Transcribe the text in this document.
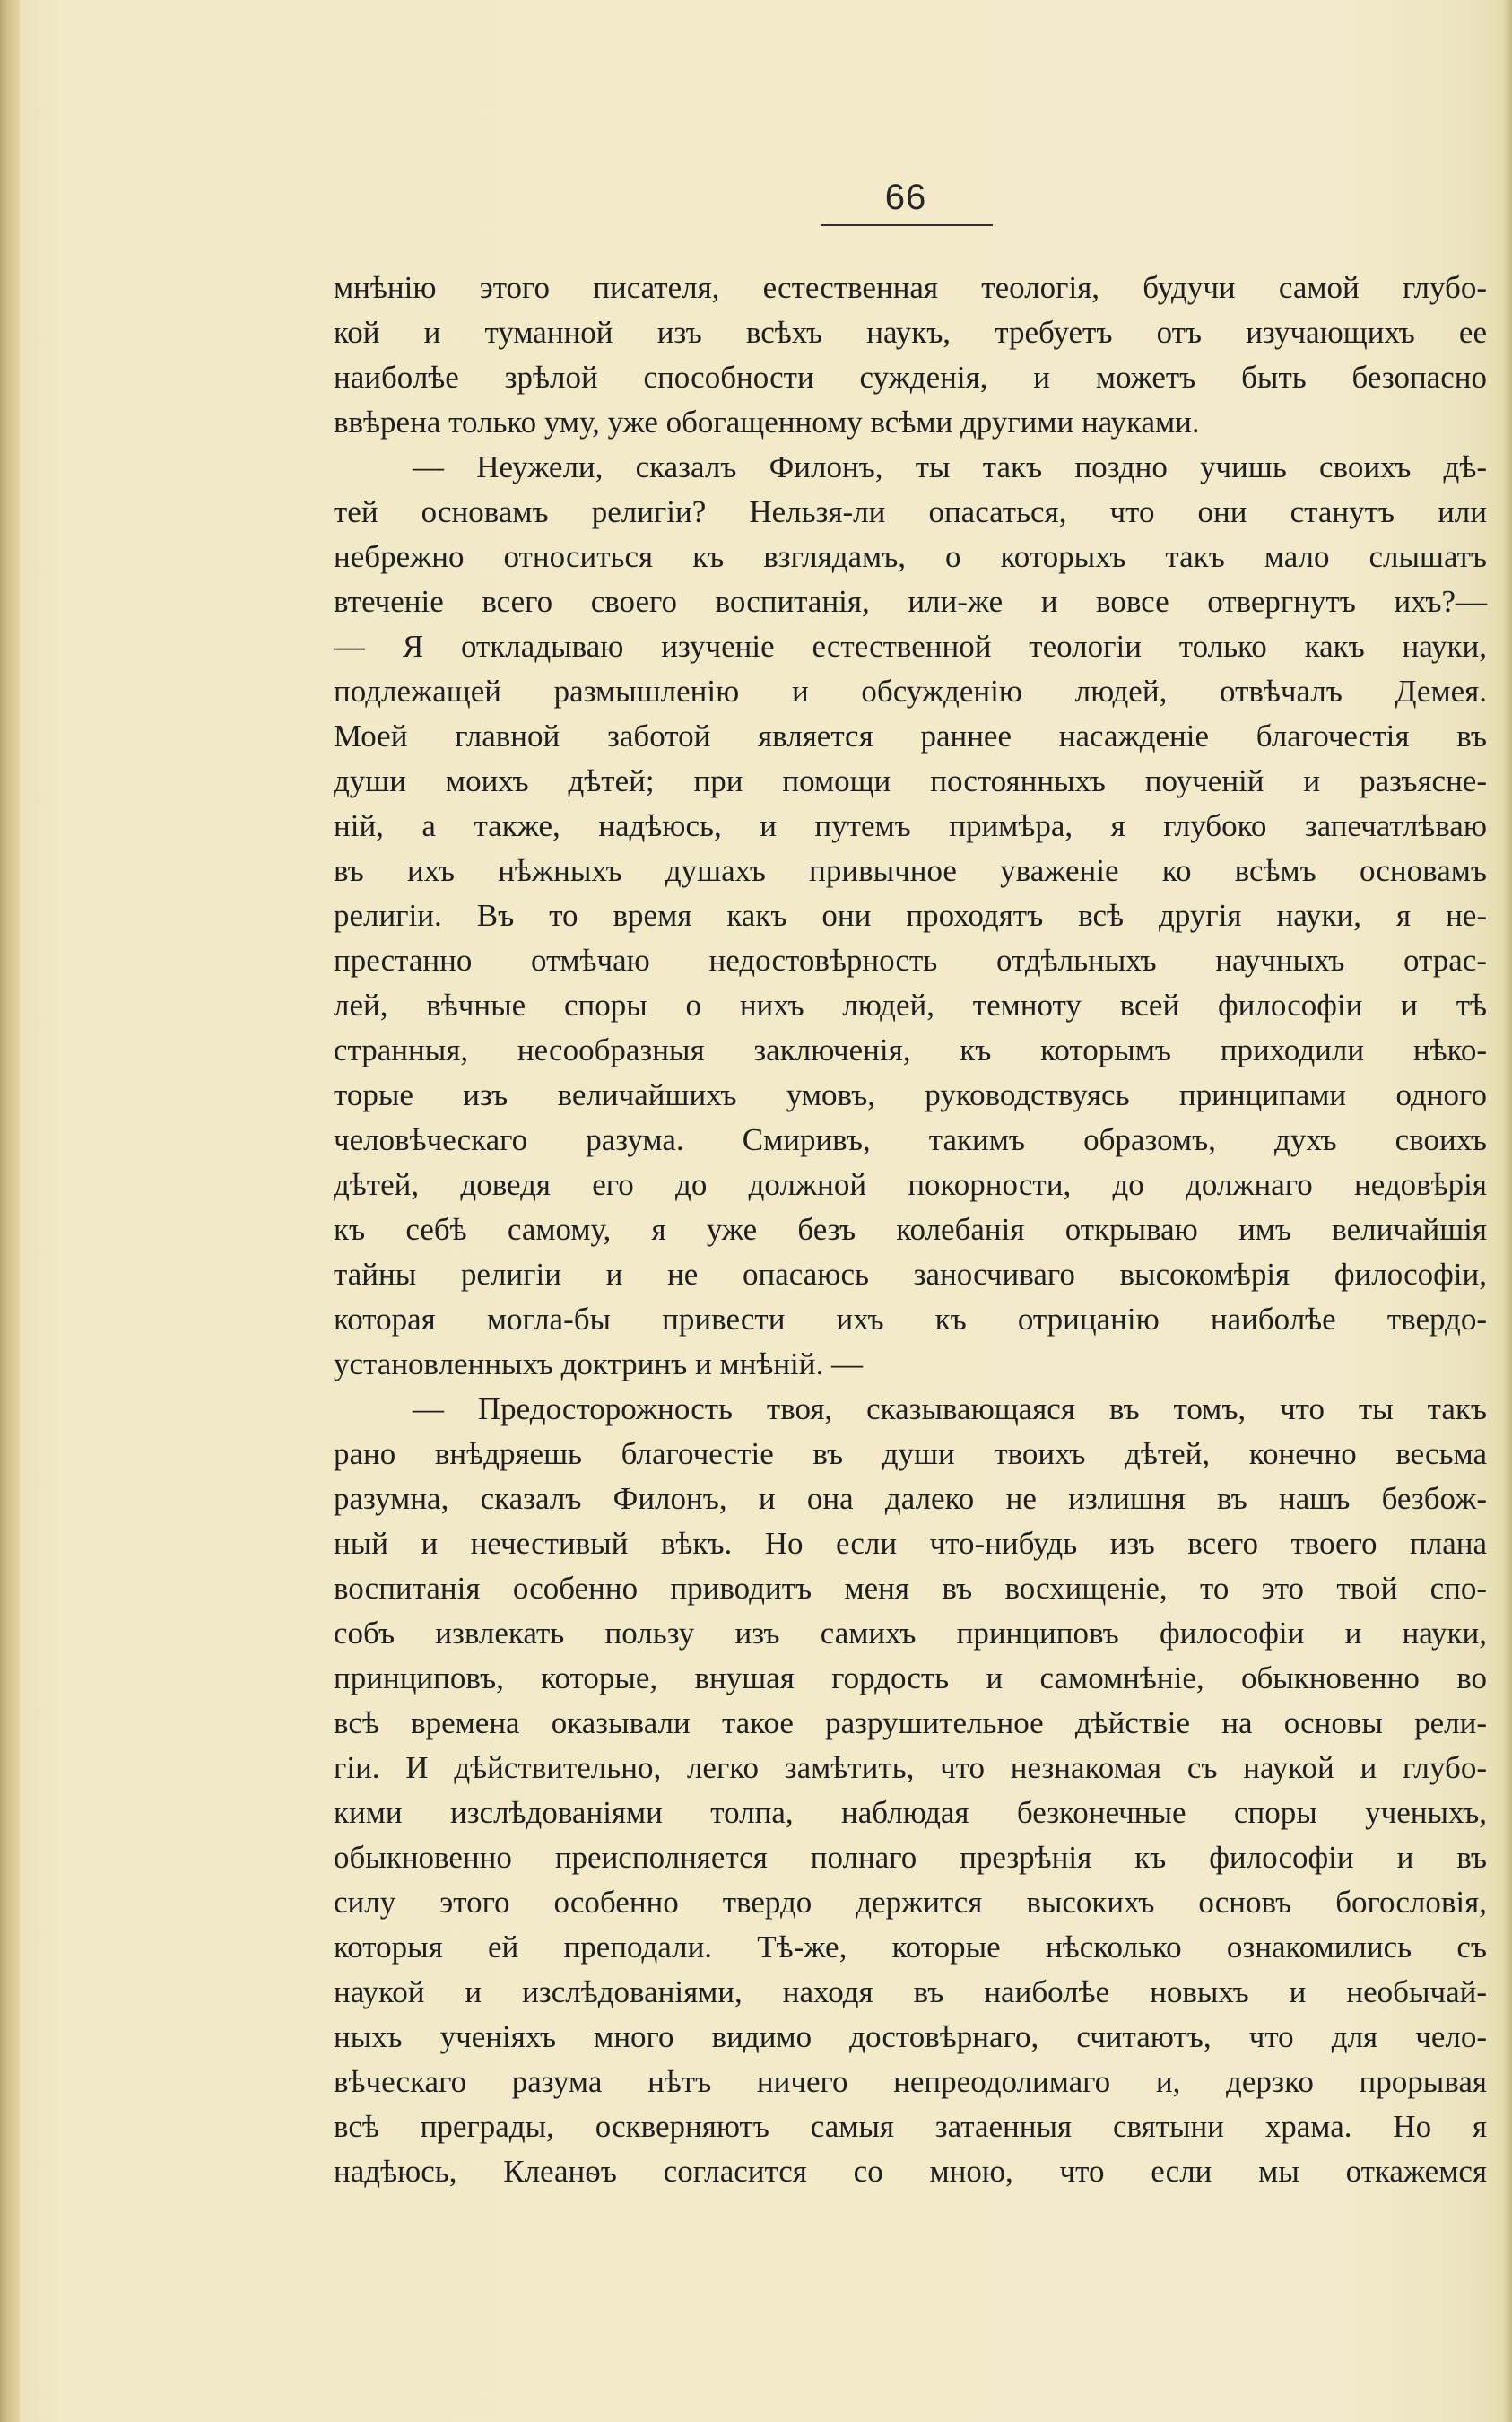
66
мнѣнію этого писателя, естественная теологія, будучи самой глубо-
кой и туманной изъ всѣхъ наукъ, требуетъ отъ изучающихъ ее
наиболѣе зрѣлой способности сужденія, и можетъ быть безопасно
ввѣрена только уму, уже обогащенному всѣми другими науками.
— Неужели, сказалъ Филонъ, ты такъ поздно учишь своихъ дѣ-
тей основамъ религіи? Нельзя-ли опасаться, что они станутъ или
небрежно относиться къ взглядамъ, о которыхъ такъ мало слышатъ
втеченіе всего своего воспитанія, или-же и вовсе отвергнутъ ихъ?—
— Я откладываю изученіе естественной теологіи только какъ науки,
подлежащей размышленію и обсужденію людей, отвѣчалъ Демея.
Моей главной заботой является раннее насажденіе благочестія въ
души моихъ дѣтей; при помощи постоянныхъ поученій и разъясне-
ній, а также, надѣюсь, и путемъ примѣра, я глубоко запечатлѣваю
въ ихъ нѣжныхъ душахъ привычное уваженіе ко всѣмъ основамъ
религіи. Въ то время какъ они проходятъ всѣ другія науки, я не-
престанно отмѣчаю недостовѣрность отдѣльныхъ научныхъ отрас-
лей, вѣчные споры о нихъ людей, темноту всей философіи и тѣ
странныя, несообразныя заключенія, къ которымъ приходили нѣко-
торые изъ величайшихъ умовъ, руководствуясь принципами одного
человѣческаго разума. Смиривъ, такимъ образомъ, духъ своихъ
дѣтей, доведя его до должной покорности, до должнаго недовѣрія
къ себѣ самому, я уже безъ колебанія открываю имъ величайшія
тайны религіи и не опасаюсь заносчиваго высокомѣрія философіи,
которая могла-бы привести ихъ къ отрицанію наиболѣе твердо-
установленныхъ доктринъ и мнѣній. —
— Предосторожность твоя, сказывающаяся въ томъ, что ты такъ
рано внѣдряешь благочестіе въ души твоихъ дѣтей, конечно весьма
разумна, сказалъ Филонъ, и она далеко не излишня въ нашъ безбож-
ный и нечестивый вѣкъ. Но если что-нибудь изъ всего твоего плана
воспитанія особенно приводитъ меня въ восхищеніе, то это твой спо-
собъ извлекать пользу изъ самихъ принциповъ философіи и науки,
принциповъ, которые, внушая гордость и самомнѣніе, обыкновенно во
всѣ времена оказывали такое разрушительное дѣйствіе на основы рели-
гіи. И дѣйствительно, легко замѣтить, что незнакомая съ наукой и глубо-
кими изслѣдованіями толпа, наблюдая безконечные споры ученыхъ,
обыкновенно преисполняется полнаго презрѣнія къ философіи и въ
силу этого особенно твердо держится высокихъ основъ богословія,
которыя ей преподали. Тѣ-же, которые нѣсколько ознакомились съ
наукой и изслѣдованіями, находя въ наиболѣе новыхъ и необычай-
ныхъ ученіяхъ много видимо достовѣрнаго, считаютъ, что для чело-
вѣческаго разума нѣтъ ничего непреодолимаго и, дерзко прорывая
всѣ преграды, оскверняютъ самыя затаенныя святыни храма. Но я
надѣюсь, Клеанѳъ согласится со мною, что если мы откажемся
